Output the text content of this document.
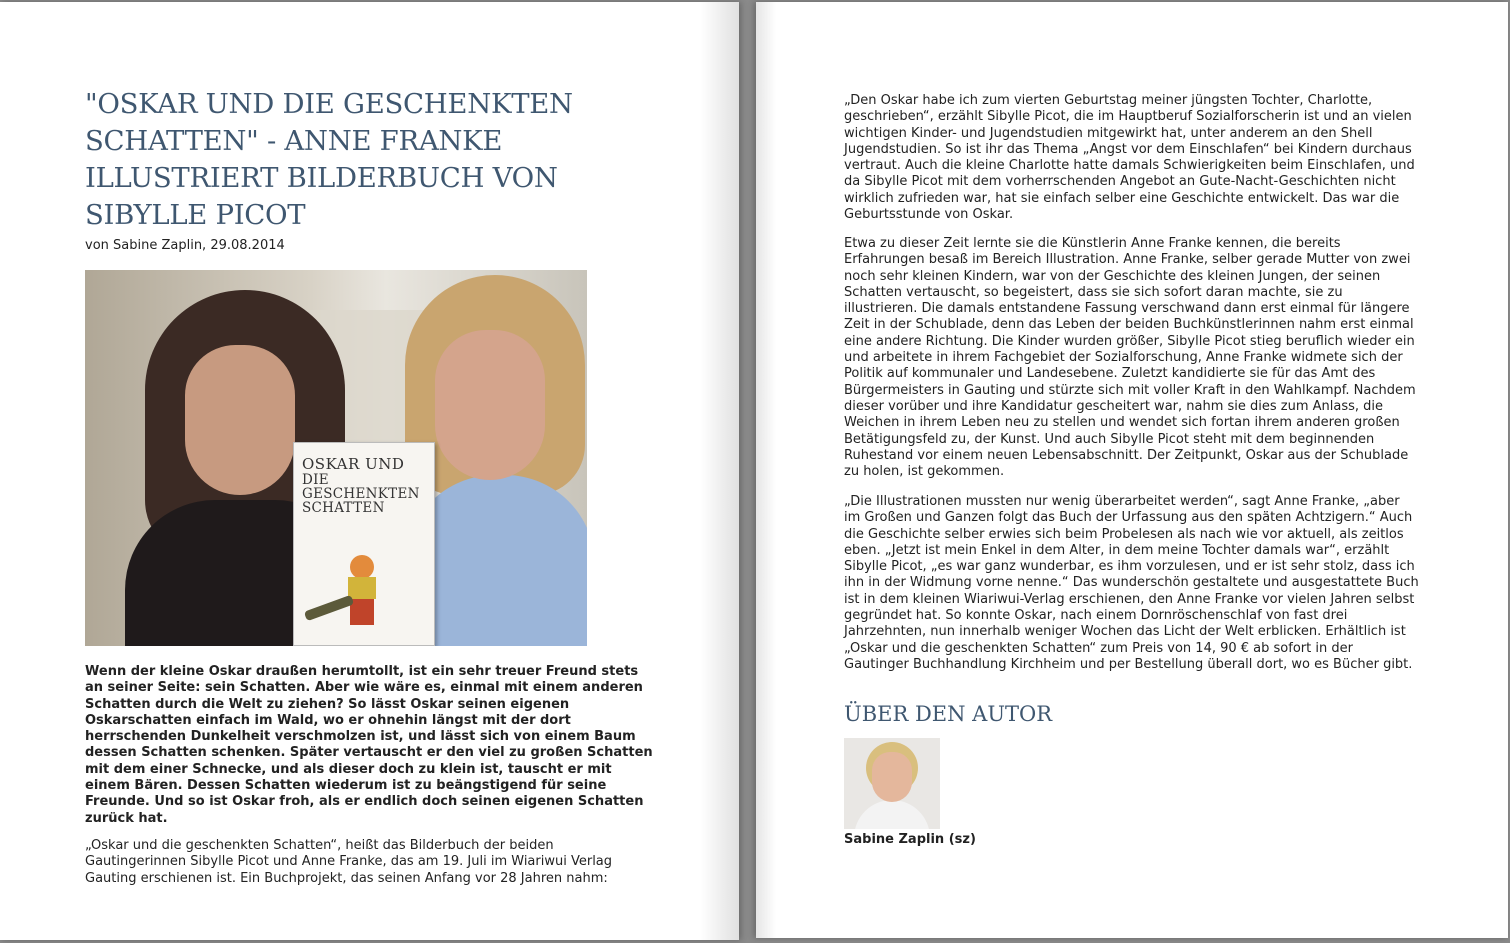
"OSKAR UND DIE GESCHENKTEN SCHATTEN" - ANNE FRANKE ILLUSTRIERT BILDERBUCH VON SIBYLLE PICOT

von Sabine Zaplin, 29.08.2014

OSKAR UND
DIE GESCHENKTEN SCHATTEN

Wenn der kleine Oskar draußen herumtollt, ist ein sehr treuer Freund stets an seiner Seite: sein Schatten. Aber wie wäre es, einmal mit einem anderen Schatten durch die Welt zu ziehen? So lässt Oskar seinen eigenen Oskarschatten einfach im Wald, wo er ohnehin längst mit der dort herrschenden Dunkelheit verschmolzen ist, und lässt sich von einem Baum dessen Schatten schenken. Später vertauscht er den viel zu großen Schatten mit dem einer Schnecke, und als dieser doch zu klein ist, tauscht er mit einem Bären. Dessen Schatten wiederum ist zu beängstigend für seine Freunde. Und so ist Oskar froh, als er endlich doch seinen eigenen Schatten zurück hat.

„Oskar und die geschenkten Schatten“, heißt das Bilderbuch der beiden Gautingerinnen Sibylle Picot und Anne Franke, das am 19. Juli im Wiariwui Verlag Gauting erschienen ist. Ein Buchprojekt, das seinen Anfang vor 28 Jahren nahm:

„Den Oskar habe ich zum vierten Geburtstag meiner jüngsten Tochter, Charlotte, geschrieben“, erzählt Sibylle Picot, die im Hauptberuf Sozialforscherin ist und an vielen wichtigen Kinder- und Jugendstudien mitgewirkt hat, unter anderem an den Shell Jugendstudien. So ist ihr das Thema „Angst vor dem Einschlafen“ bei Kindern durchaus vertraut. Auch die kleine Charlotte hatte damals Schwierigkeiten beim Einschlafen, und da Sibylle Picot mit dem vorherrschenden Angebot an Gute-Nacht-Geschichten nicht wirklich zufrieden war, hat sie einfach selber eine Geschichte entwickelt. Das war die Geburtsstunde von Oskar.

Etwa zu dieser Zeit lernte sie die Künstlerin Anne Franke kennen, die bereits Erfahrungen besaß im Bereich Illustration. Anne Franke, selber gerade Mutter von zwei noch sehr kleinen Kindern, war von der Geschichte des kleinen Jungen, der seinen Schatten vertauscht, so begeistert, dass sie sich sofort daran machte, sie zu illustrieren. Die damals entstandene Fassung verschwand dann erst einmal für längere Zeit in der Schublade, denn das Leben der beiden Buchkünstlerinnen nahm erst einmal eine andere Richtung. Die Kinder wurden größer, Sibylle Picot stieg beruflich wieder ein und arbeitete in ihrem Fachgebiet der Sozialforschung, Anne Franke widmete sich der Politik auf kommunaler und Landesebene. Zuletzt kandidierte sie für das Amt des Bürgermeisters in Gauting und stürzte sich mit voller Kraft in den Wahlkampf. Nachdem dieser vorüber und ihre Kandidatur gescheitert war, nahm sie dies zum Anlass, die Weichen in ihrem Leben neu zu stellen und wendet sich fortan ihrem anderen großen Betätigungsfeld zu, der Kunst. Und auch Sibylle Picot steht mit dem beginnenden Ruhestand vor einem neuen Lebensabschnitt. Der Zeitpunkt, Oskar aus der Schublade zu holen, ist gekommen.

„Die Illustrationen mussten nur wenig überarbeitet werden“, sagt Anne Franke, „aber im Großen und Ganzen folgt das Buch der Urfassung aus den späten Achtzigern.“ Auch die Geschichte selber erwies sich beim Probelesen als nach wie vor aktuell, als zeitlos eben. „Jetzt ist mein Enkel in dem Alter, in dem meine Tochter damals war“, erzählt Sibylle Picot, „es war ganz wunderbar, es ihm vorzulesen, und er ist sehr stolz, dass ich ihn in der Widmung vorne nenne.“ Das wunderschön gestaltete und ausgestattete Buch ist in dem kleinen Wiariwui-Verlag erschienen, den Anne Franke vor vielen Jahren selbst gegründet hat. So konnte Oskar, nach einem Dornröschenschlaf von fast drei Jahrzehnten, nun innerhalb weniger Wochen das Licht der Welt erblicken. Erhältlich ist „Oskar und die geschenkten Schatten“ zum Preis von 14, 90 € ab sofort in der Gautinger Buchhandlung Kirchheim und per Bestellung überall dort, wo es Bücher gibt.

ÜBER DEN AUTOR

Sabine Zaplin (sz)
